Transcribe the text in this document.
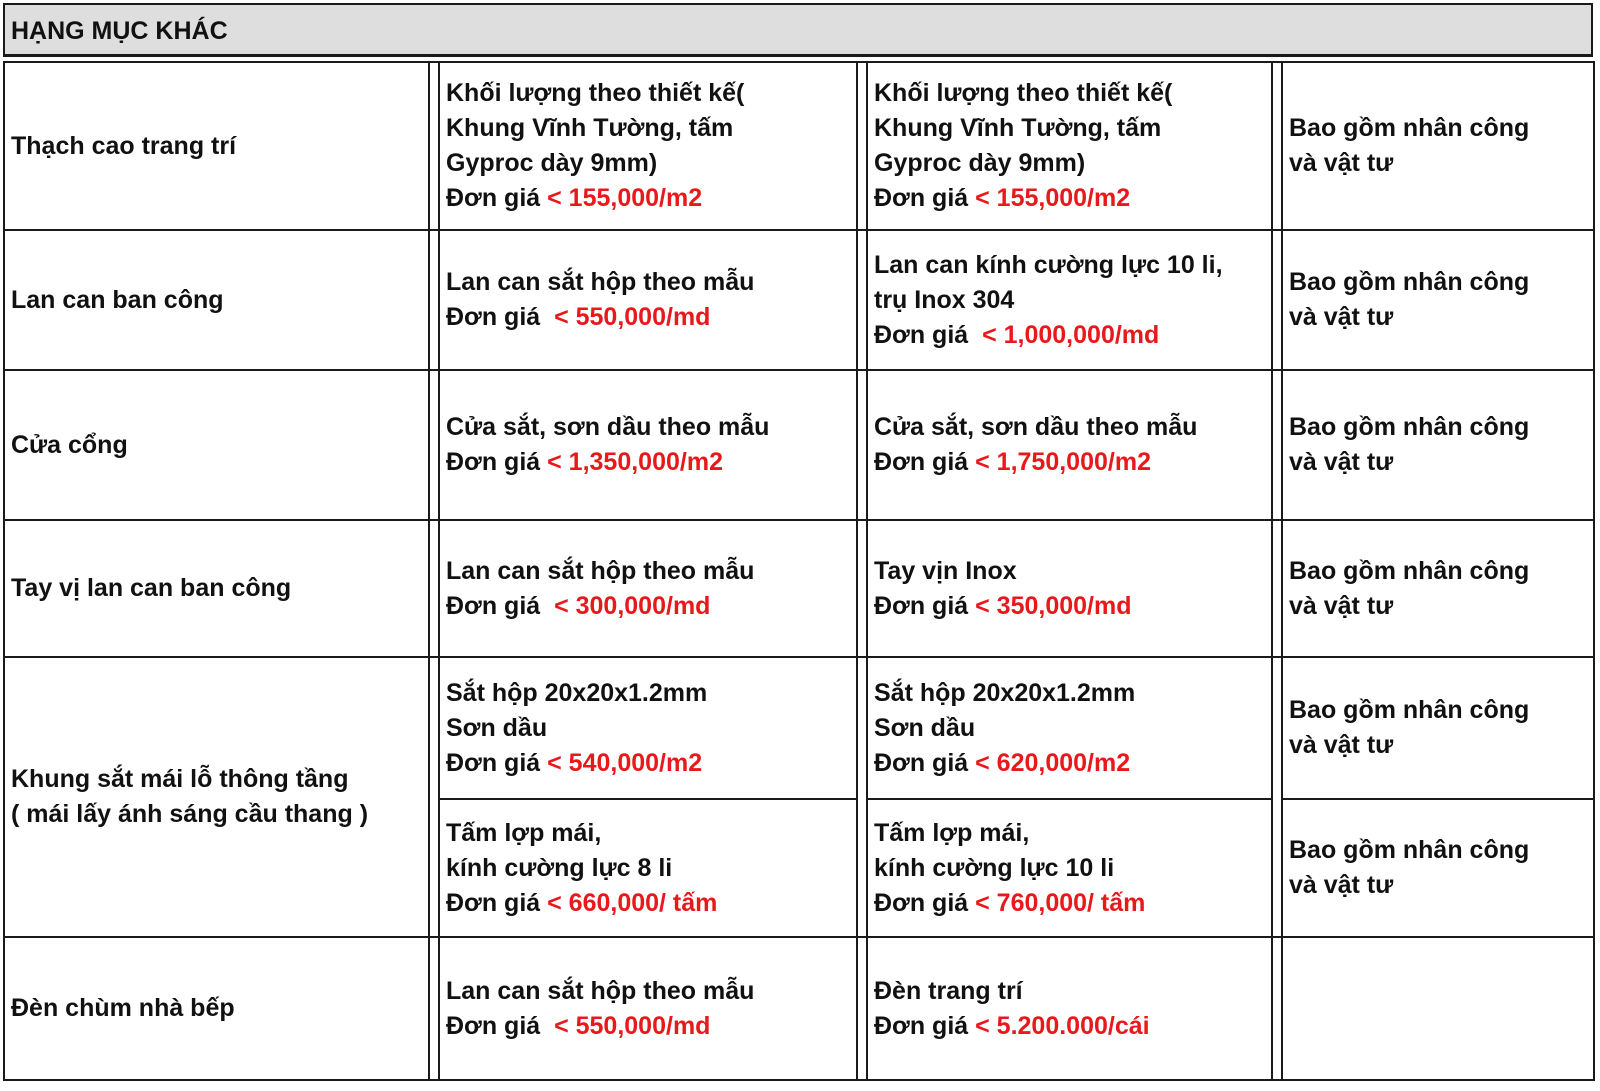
HẠNG MỤC KHÁC
Thạch cao trang trí		Khối lượng theo thiết kế(
Khung Vĩnh Tường, tấm
Gyproc dày 9mm)
Đơn giá < 155,000/m2		Khối lượng theo thiết kế(
Khung Vĩnh Tường, tấm
Gyproc dày 9mm)
Đơn giá < 155,000/m2		Bao gồm nhân công
và vật tư

Lan can ban công		Lan can sắt hộp theo mẫu
Đơn giá < 550,000/md		Lan can kính cường lực 10 li,
trụ Inox 304
Đơn giá < 1,000,000/md		Bao gồm nhân công
và vật tư

Cửa cổng		Cửa sắt, sơn dầu theo mẫu
Đơn giá < 1,350,000/m2		Cửa sắt, sơn dầu theo mẫu
Đơn giá < 1,750,000/m2		Bao gồm nhân công
và vật tư

Tay vị lan can ban công		Lan can sắt hộp theo mẫu
Đơn giá < 300,000/md		Tay vịn Inox
Đơn giá < 350,000/md		Bao gồm nhân công
và vật tư

Khung sắt mái lỗ thông tầng
( mái lấy ánh sáng cầu thang )		Sắt hộp 20x20x1.2mm
Sơn dầu
Đơn giá < 540,000/m2		Sắt hộp 20x20x1.2mm
Sơn dầu
Đơn giá < 620,000/m2		Bao gồm nhân công
và vật tư

		Tấm lợp mái,
kính cường lực 8 li
Đơn giá < 660,000/ tấm		Tấm lợp mái,
kính cường lực 10 li
Đơn giá < 760,000/ tấm		Bao gồm nhân công
và vật tư

Đèn chùm nhà bếp		Lan can sắt hộp theo mẫu
Đơn giá < 550,000/md		Đèn trang trí
Đơn giá < 5.200.000/cái		
